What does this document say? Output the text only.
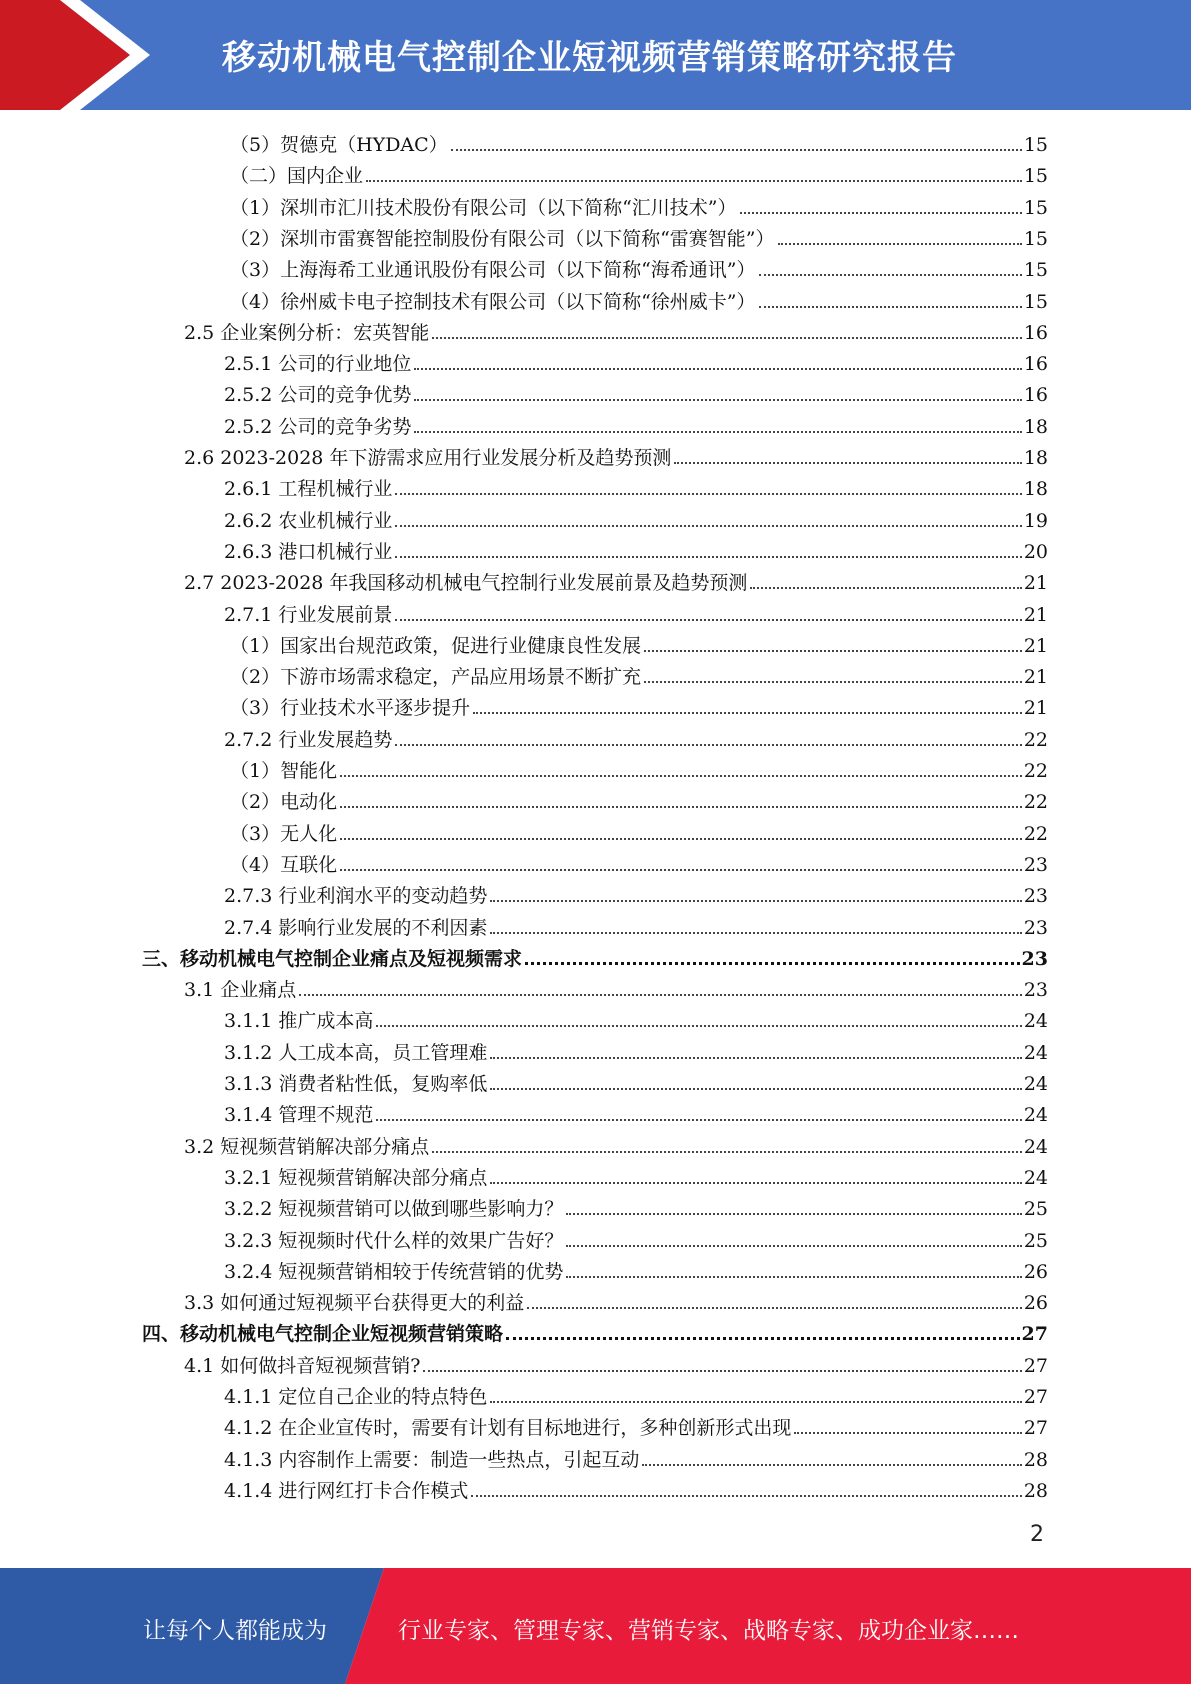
移动机械电气控制企业短视频营销策略研究报告
（5）贺德克（HYDAC）	15
（二）国内企业	15
（1）深圳市汇川技术股份有限公司（以下简称“汇川技术”）	15
（2）深圳市雷赛智能控制股份有限公司（以下简称“雷赛智能”）	15
（3）上海海希工业通讯股份有限公司（以下简称“海希通讯”）	15
（4）徐州威卡电子控制技术有限公司（以下简称“徐州威卡”）	15
2.5 企业案例分析：宏英智能	16
2.5.1 公司的行业地位	16
2.5.2 公司的竞争优势	16
2.5.2 公司的竞争劣势	18
2.6 2023-2028 年下游需求应用行业发展分析及趋势预测	18
2.6.1 工程机械行业	18
2.6.2 农业机械行业	19
2.6.3 港口机械行业	20
2.7 2023-2028 年我国移动机械电气控制行业发展前景及趋势预测	21
2.7.1 行业发展前景	21
（1）国家出台规范政策，促进行业健康良性发展	21
（2）下游市场需求稳定，产品应用场景不断扩充	21
（3）行业技术水平逐步提升	21
2.7.2 行业发展趋势	22
（1）智能化	22
（2）电动化	22
（3）无人化	22
（4）互联化	23
2.7.3 行业利润水平的变动趋势	23
2.7.4 影响行业发展的不利因素	23
三、移动机械电气控制企业痛点及短视频需求	23
3.1 企业痛点	23
3.1.1 推广成本高	24
3.1.2 人工成本高，员工管理难	24
3.1.3 消费者粘性低，复购率低	24
3.1.4 管理不规范	24
3.2 短视频营销解决部分痛点	24
3.2.1 短视频营销解决部分痛点	24
3.2.2 短视频营销可以做到哪些影响力？	25
3.2.3 短视频时代什么样的效果广告好？	25
3.2.4 短视频营销相较于传统营销的优势	26
3.3 如何通过短视频平台获得更大的利益	26
四、移动机械电气控制企业短视频营销策略	27
4.1 如何做抖音短视频营销?	27
4.1.1 定位自己企业的特点特色	27
4.1.2 在企业宣传时，需要有计划有目标地进行，多种创新形式出现	27
4.1.3 内容制作上需要：制造一些热点，引起互动	28
4.1.4 进行网红打卡合作模式	28
2
让每个人都能成为	行业专家、管理专家、营销专家、战略专家、成功企业家……
